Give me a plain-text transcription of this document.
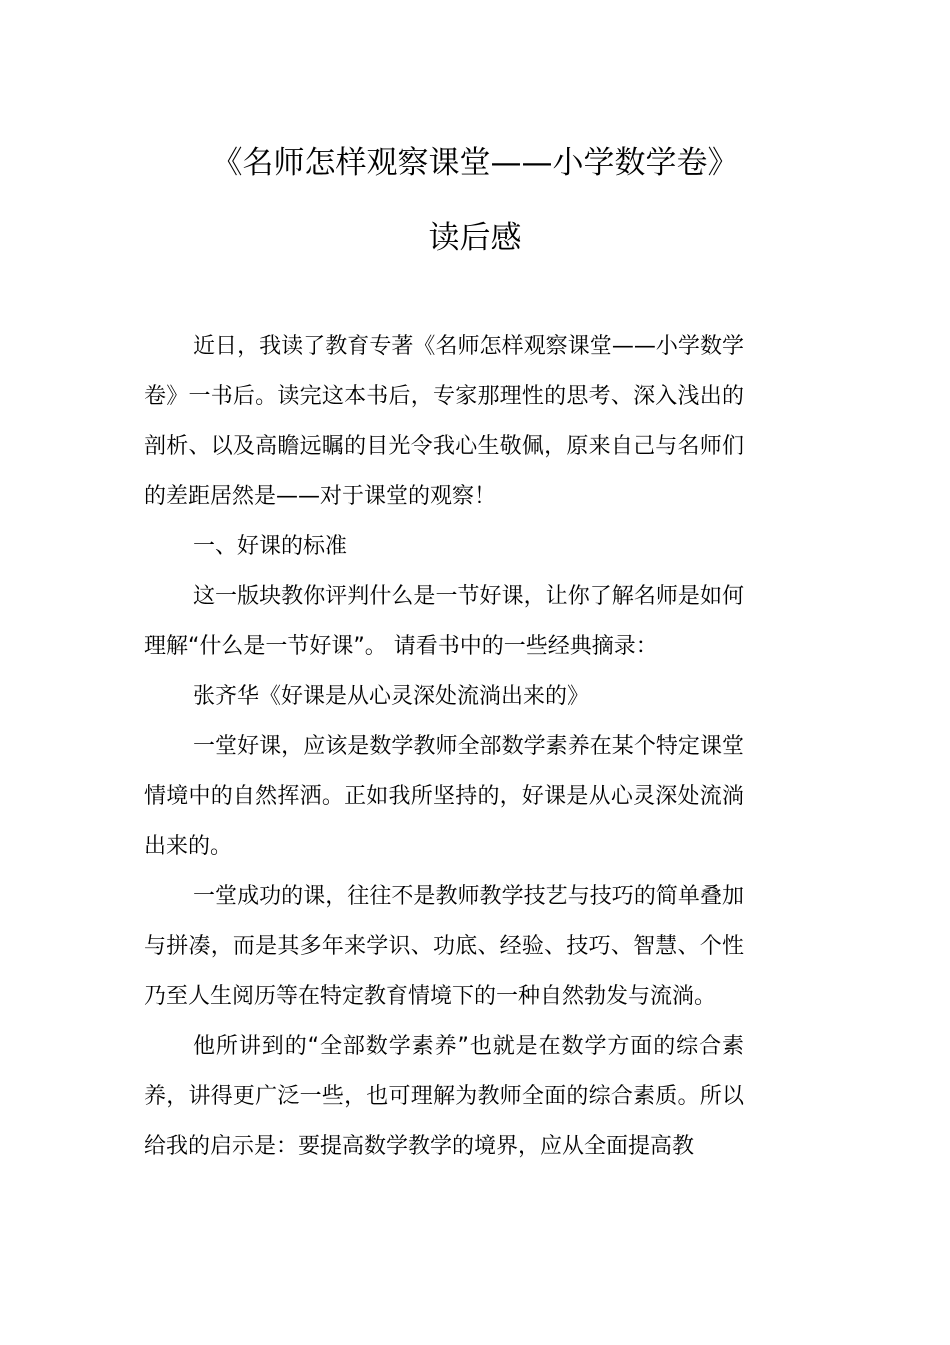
《名师怎样观察课堂——小学数学卷》
读后感

近日，我读了教育专著《名师怎样观察课堂——小学数学卷》一书后。读完这本书后，专家那理性的思考、深入浅出的剖析、以及高瞻远瞩的目光令我心生敬佩，原来自己与名师们的差距居然是——对于课堂的观察！

一、好课的标准

这一版块教你评判什么是一节好课，让你了解名师是如何理解“什么是一节好课”。 请看书中的一些经典摘录：

张齐华《好课是从心灵深处流淌出来的》

一堂好课，应该是数学教师全部数学素养在某个特定课堂情境中的自然挥洒。正如我所坚持的，好课是从心灵深处流淌出来的。

一堂成功的课，往往不是教师教学技艺与技巧的简单叠加与拼凑，而是其多年来学识、功底、经验、技巧、智慧、个性乃至人生阅历等在特定教育情境下的一种自然勃发与流淌。

他所讲到的“全部数学素养”也就是在数学方面的综合素养，讲得更广泛一些，也可理解为教师全面的综合素质。所以给我的启示是：要提高数学教学的境界，应从全面提高教
